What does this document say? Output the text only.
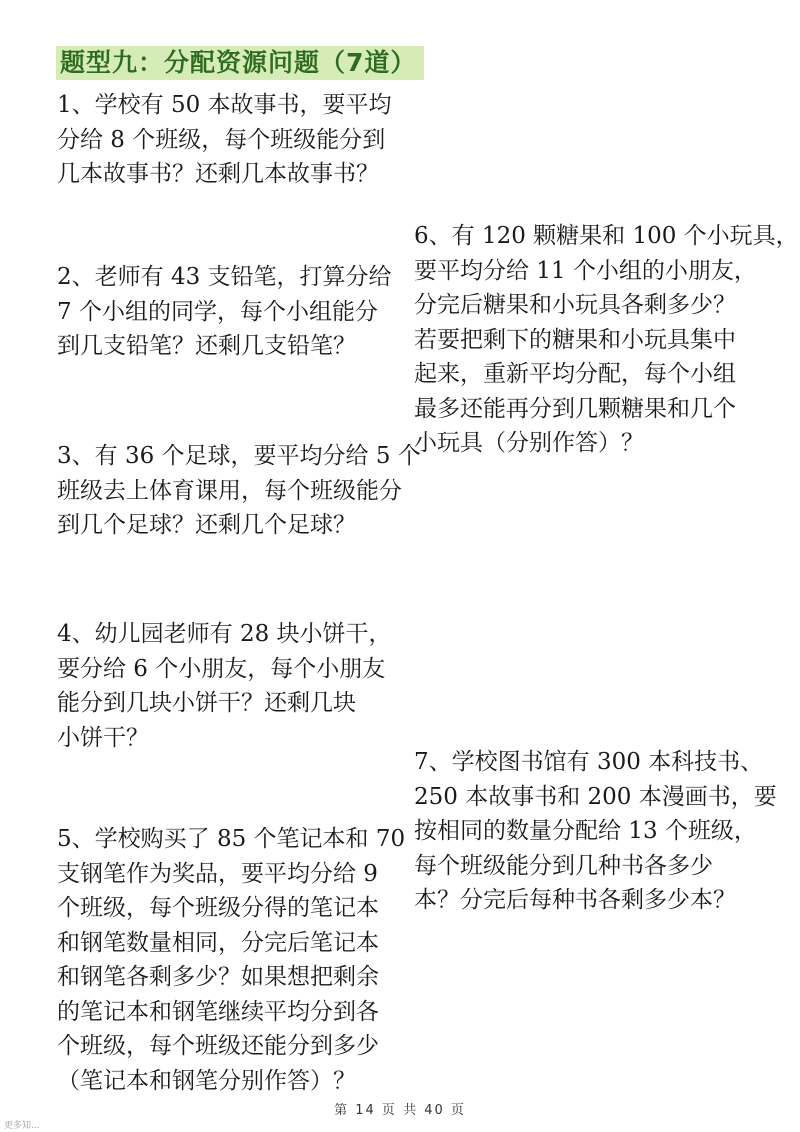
题型九：分配资源问题（7道）
1、学校有 50 本故事书，要平均
分给 8 个班级，每个班级能分到
几本故事书？还剩几本故事书？
2、老师有 43 支铅笔，打算分给
7 个小组的同学，每个小组能分
到几支铅笔？还剩几支铅笔？
3、有 36 个足球，要平均分给 5 个
班级去上体育课用，每个班级能分
到几个足球？还剩几个足球？
4、幼儿园老师有 28 块小饼干，
要分给 6 个小朋友，每个小朋友
能分到几块小饼干？还剩几块
小饼干？
5、学校购买了 85 个笔记本和 70
支钢笔作为奖品，要平均分给 9
个班级，每个班级分得的笔记本
和钢笔数量相同，分完后笔记本
和钢笔各剩多少？如果想把剩余
的笔记本和钢笔继续平均分到各
个班级，每个班级还能分到多少
（笔记本和钢笔分别作答）？
6、有 120 颗糖果和 100 个小玩具，
要平均分给 11 个小组的小朋友，
分完后糖果和小玩具各剩多少？
若要把剩下的糖果和小玩具集中
起来，重新平均分配，每个小组
最多还能再分到几颗糖果和几个
小玩具（分别作答）？
7、学校图书馆有 300 本科技书、
250 本故事书和 200 本漫画书，要
按相同的数量分配给 13 个班级，
每个班级能分到几种书各多少
本？分完后每种书各剩多少本？
第 14 页 共 40 页
更多知...
